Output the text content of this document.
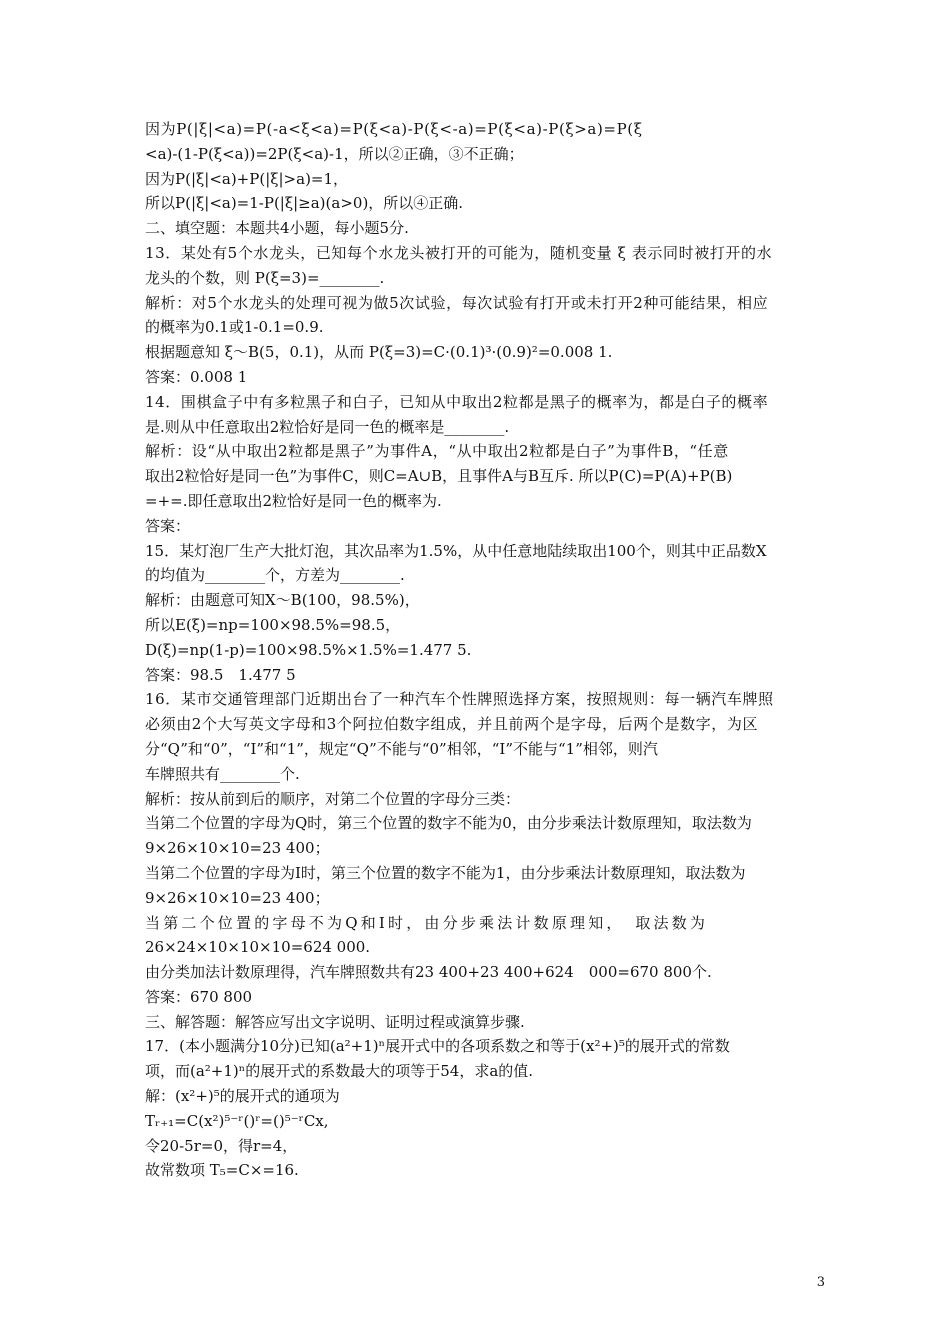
因为P(|ξ|<a)=P(-a<ξ<a)=P(ξ<a)-P(ξ<-a)=P(ξ<a)-P(ξ>a)=P(ξ
<a)-(1-P(ξ<a))=2P(ξ<a)-1，所以②正确，③不正确；
因为P(|ξ|<a)+P(|ξ|>a)=1，
所以P(|ξ|<a)=1-P(|ξ|≥a)(a>0)，所以④正确.
二、填空题：本题共4小题，每小题5分.
13．某处有5个水龙头，已知每个水龙头被打开的可能为，随机变量 ξ 表示同时被打开的水
龙头的个数，则 P(ξ=3)=________.
解析：对5个水龙头的处理可视为做5次试验，每次试验有打开或未打开2种可能结果，相应
的概率为0.1或1-0.1=0.9.
根据题意知 ξ～B(5，0.1)，从而 P(ξ=3)=C·(0.1)³·(0.9)²=0.008 1.
答案：0.008 1
14．围棋盒子中有多粒黑子和白子，已知从中取出2粒都是黑子的概率为，都是白子的概率
是.则从中任意取出2粒恰好是同一色的概率是________.
解析：设“从中取出2粒都是黑子”为事件A，“从中取出2粒都是白子”为事件B，“任意
取出2粒恰好是同一色”为事件C，则C=A∪B，且事件A与B互斥. 所以P(C)=P(A)+P(B)
=+=.即任意取出2粒恰好是同一色的概率为.
答案：
15．某灯泡厂生产大批灯泡，其次品率为1.5%，从中任意地陆续取出100个，则其中正品数X
的均值为________个，方差为________.
解析：由题意可知X～B(100，98.5%)，
所以E(ξ)=np=100×98.5%=98.5，
D(ξ)=np(1-p)=100×98.5%×1.5%=1.477 5.
答案：98.5　1.477 5
16．某市交通管理部门近期出台了一种汽车个性牌照选择方案，按照规则：每一辆汽车牌照
必须由2个大写英文字母和3个阿拉伯数字组成，并且前两个是字母，后两个是数字，为区
分“Q”和“0”，“I”和“1”，规定“Q”不能与“0”相邻，“I”不能与“1”相邻，则汽
车牌照共有________个.
解析：按从前到后的顺序，对第二个位置的字母分三类：
当第二个位置的字母为Q时，第三个位置的数字不能为0，由分步乘法计数原理知，取法数为
9×26×10×10=23 400；
当第二个位置的字母为I时，第三个位置的数字不能为1，由分步乘法计数原理知，取法数为
9×26×10×10=23 400；
当第二个位置的字母不为Q和I时，由分步乘法计数原理知，　取法数为
26×24×10×10×10=624 000.
由分类加法计数原理得，汽车牌照数共有23 400+23 400+624　000=670 800个.
答案：670 800
三、解答题：解答应写出文字说明、证明过程或演算步骤.
17．(本小题满分10分)已知(a²+1)ⁿ展开式中的各项系数之和等于(x²+)⁵的展开式的常数
项，而(a²+1)ⁿ的展开式的系数最大的项等于54，求a的值.
解：(x²+)⁵的展开式的通项为
Tᵣ₊₁=C(x²)⁵⁻ʳ()ʳ=()⁵⁻ʳCx,
令20-5r=0，得r=4，
故常数项 T₅=C×=16.
3
